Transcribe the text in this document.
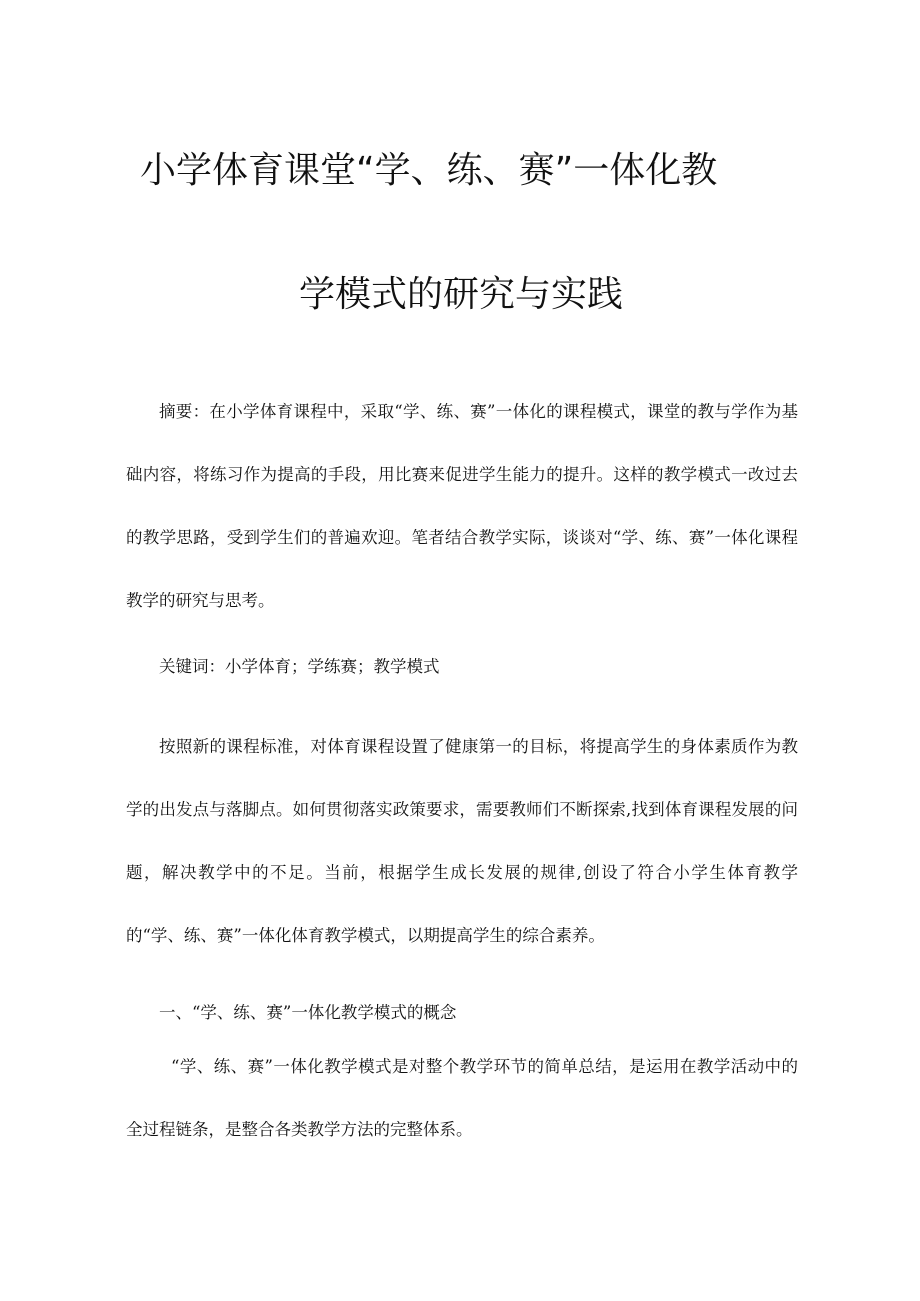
小学体育课堂“学、练、赛”一体化教
学模式的研究与实践

摘要：在小学体育课程中，采取“学、练、赛”一体化的课程模式，课堂的教与学作为基础内容，将练习作为提高的手段，用比赛来促进学生能力的提升。这样的教学模式一改过去的教学思路，受到学生们的普遍欢迎。笔者结合教学实际，谈谈对“学、练、赛”一体化课程教学的研究与思考。

关键词：小学体育；学练赛；教学模式

按照新的课程标准，对体育课程设置了健康第一的目标，将提高学生的身体素质作为教学的出发点与落脚点。如何贯彻落实政策要求，需要教师们不断探索,找到体育课程发展的问题，解决教学中的不足。当前，根据学生成长发展的规律,创设了符合小学生体育教学的“学、练、赛”一体化体育教学模式，以期提高学生的综合素养。

一、“学、练、赛”一体化教学模式的概念

“学、练、赛”一体化教学模式是对整个教学环节的简单总结，是运用在教学活动中的全过程链条，是整合各类教学方法的完整体系。
